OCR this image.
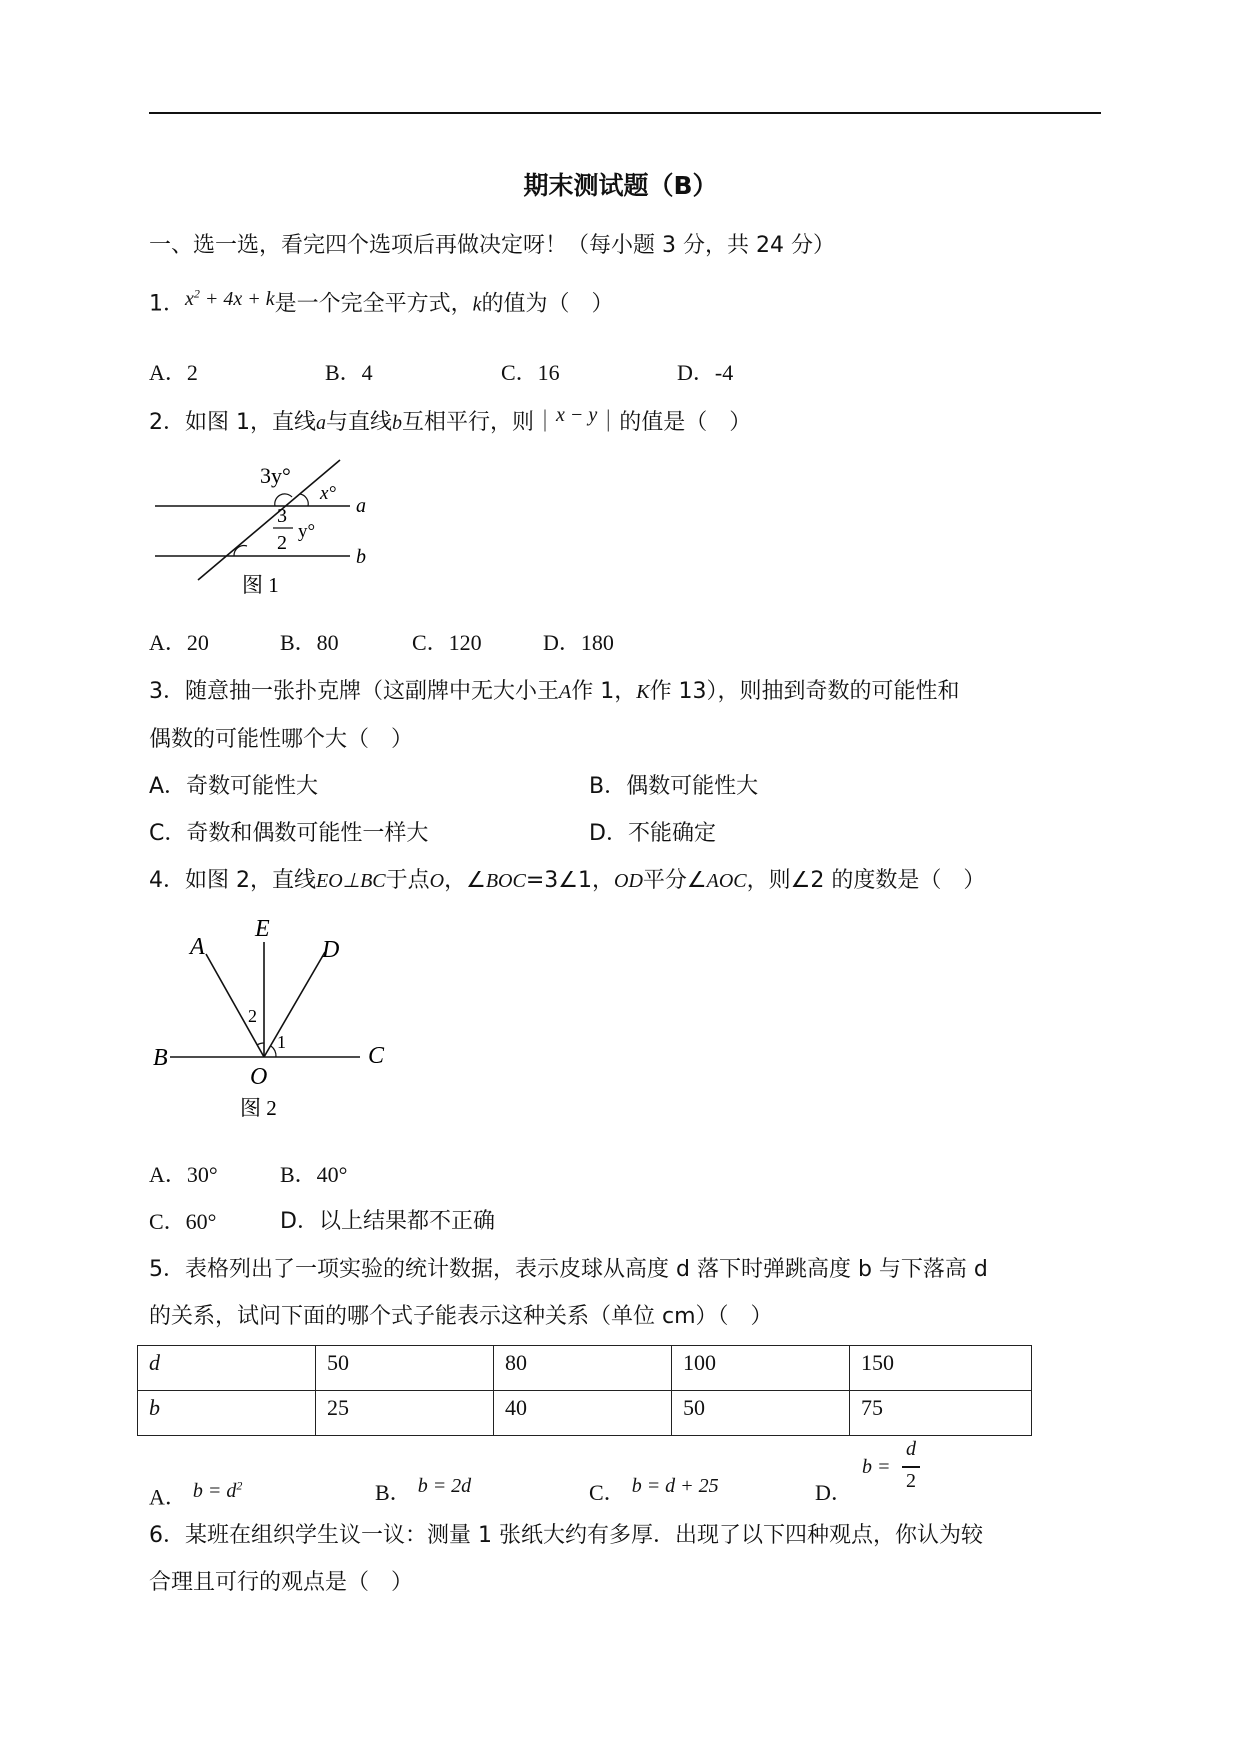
期末测试题（B）
一、选一选，看完四个选项后再做决定呀！（每小题 3 分，共 24 分）
1．$x^2 + 4x + k$是一个完全平方式，k的值为（　）
A．2	B．4	C．16	D．-4
2．如图 1，直线a与直线b互相平行，则｜x − y｜的值是（　）
3y°
x°
3
2
y°
a
b
图 1
A．20	B．80	C．120	D．180
3．随意抽一张扑克牌（这副牌中无大小王A作 1，K作 13），则抽到奇数的可能性和
偶数的可能性哪个大（　）
A．奇数可能性大	B．偶数可能性大
C．奇数和偶数可能性一样大	D．不能确定
4．如图 2，直线EO⊥BC于点O，∠BOC=3∠1，OD平分∠AOC，则∠2 的度数是（　）
A
E
D
B	C
O
2
1
图 2
A．30°	B．40°
C．60°	D．以上结果都不正确
5．表格列出了一项实验的统计数据，表示皮球从高度 d 落下时弹跳高度 b 与下落高 d
的关系，试问下面的哪个式子能表示这种关系（单位 cm）（　）
d	50	80	100	150
b	25	40	50	75
A． $b = d^2$	B． b = 2d	C． b = d + 25	D．
b =
d
2
6．某班在组织学生议一议：测量 1 张纸大约有多厚．出现了以下四种观点，你认为较
合理且可行的观点是（　）
